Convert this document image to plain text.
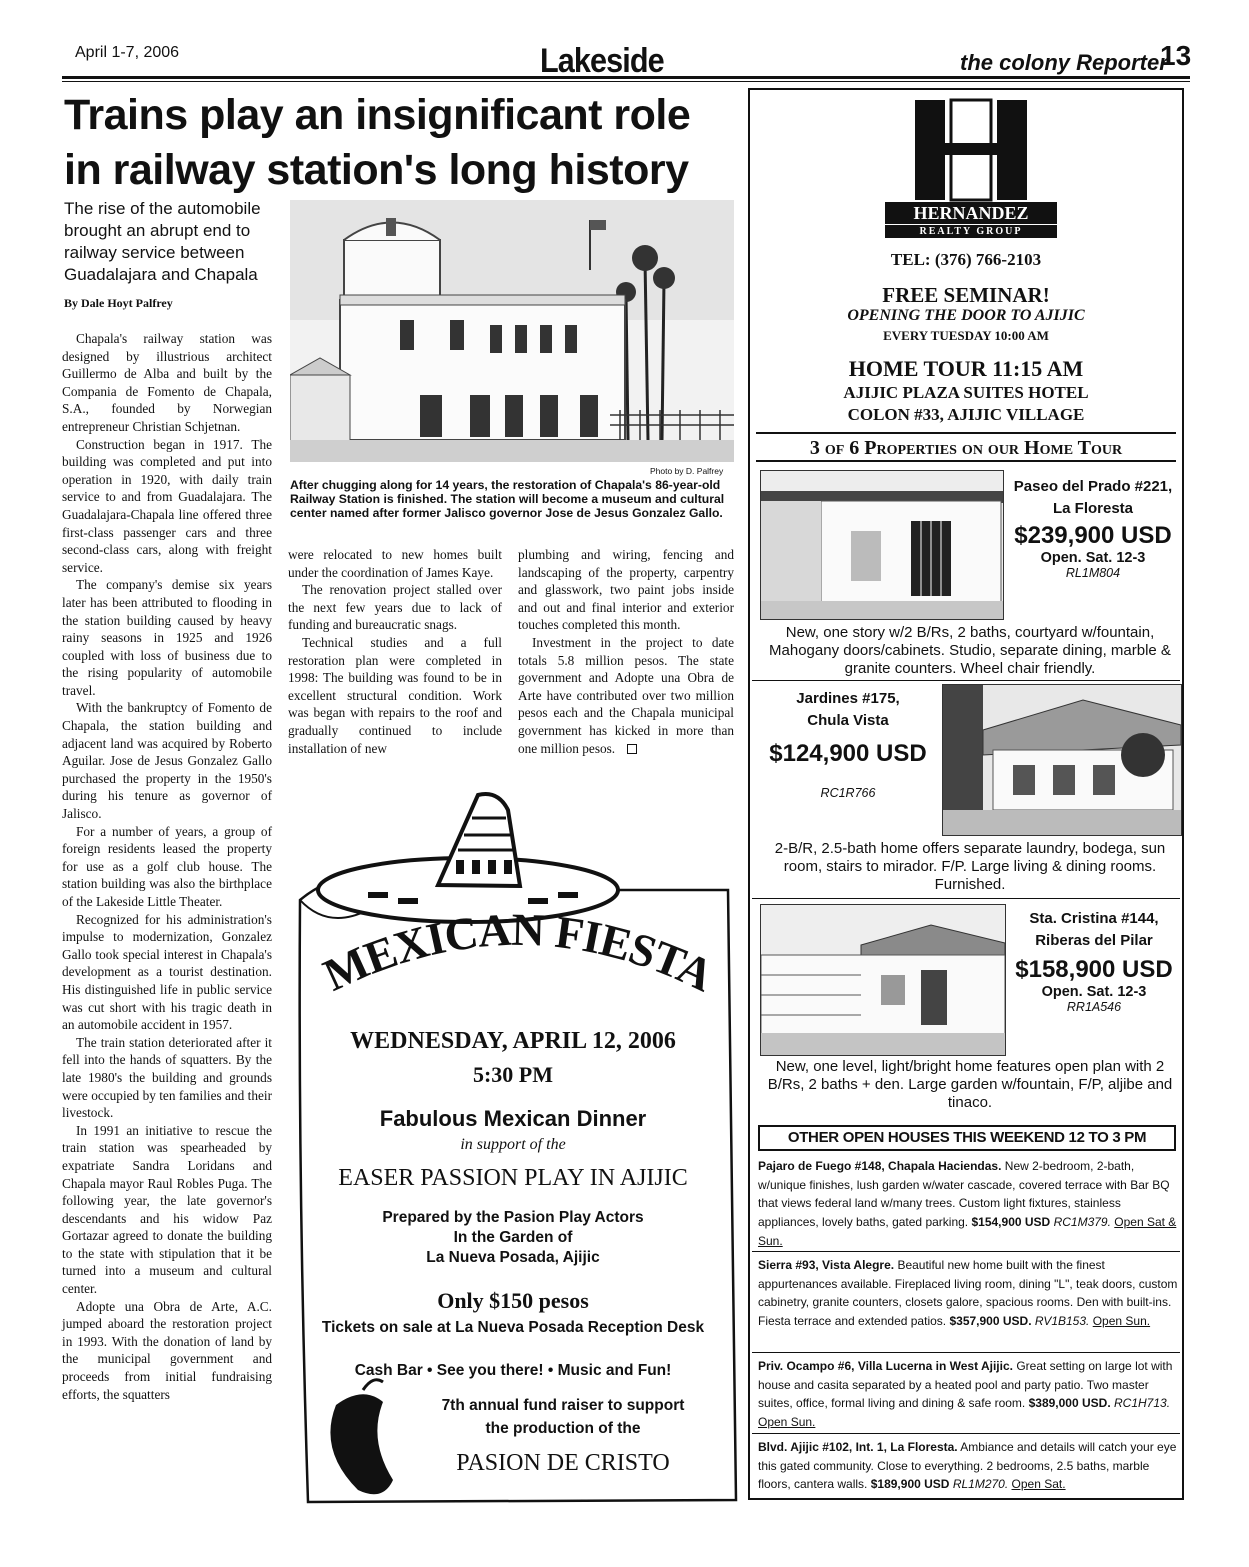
April 1-7, 2006	Lakeside	the colony Reporter
13
Trains play an insignificant role
in railway station's long history
The rise of the automobile brought an abrupt end to railway service between Guadalajara and Chapala
By Dale Hoyt Palfrey
Photo by D. Palfrey
After chugging along for 14 years, the restoration of Chapala's 86-year-old Railway Station is finished. The station will become a museum and cultural center named after former Jalisco governor Jose de Jesus Gonzalez Gallo.

Chapala's railway station was designed by illustrious architect Guillermo de Alba and built by the Compania de Fomento de Chapala, S.A., founded by Norwegian entrepreneur Christian Schjetnan.

Construction began in 1917. The building was completed and put into operation in 1920, with daily train service to and from Guadalajara. The Guadalajara-Chapala line offered three first-class passenger cars and three second-class cars, along with freight service.

The company's demise six years later has been attributed to flooding in the station building caused by heavy rainy seasons in 1925 and 1926 coupled with loss of business due to the rising popularity of automobile travel.

With the bankruptcy of Fomento de Chapala, the station building and adjacent land was acquired by Roberto Aguilar. Jose de Jesus Gonzalez Gallo purchased the property in the 1950's during his tenure as governor of Jalisco.

For a number of years, a group of foreign residents leased the property for use as a golf club house. The station building was also the birthplace of the Lakeside Little Theater.

Recognized for his administration's impulse to modernization, Gonzalez Gallo took special interest in Chapala's development as a tourist destination. His distinguished life in public service was cut short with his tragic death in an automobile accident in 1957.

The train station deteriorated after it fell into the hands of squatters. By the late 1980's the building and grounds were occupied by ten families and their livestock.

In 1991 an initiative to rescue the train station was spearheaded by expatriate Sandra Loridans and Chapala mayor Raul Robles Puga. The following year, the late governor's descendants and his widow Paz Gortazar agreed to donate the building to the state with stipulation that it be turned into a museum and cultural center.

Adopte una Obra de Arte, A.C. jumped aboard the restoration project in 1993. With the donation of land by the municipal government and proceeds from initial fundraising efforts, the squatters

were relocated to new homes built under the coordination of James Kaye.

The renovation project stalled over the next few years due to lack of funding and bureaucratic snags.

Technical studies and a full restoration plan were completed in 1998: The building was found to be in excellent structural condition. Work was began with repairs to the roof and gradually continued to include installation of new

plumbing and wiring, fencing and landscaping of the property, carpentry and glasswork, two paint jobs inside and out and final interior and exterior touches completed this month.

Investment in the project to date totals 5.8 million pesos. The state government and Adopte una Obra de Arte have contributed over two million pesos each and the Chapala municipal government has kicked in more than one million pesos.

MEXICAN FIESTA
WEDNESDAY, APRIL 12, 2006
5:30 PM
Fabulous Mexican Dinner
in support of the
EASER PASSION PLAY IN AJIJIC
Prepared by the Pasion Play Actors
In the Garden of
La Nueva Posada, Ajijic
Only $150 pesos
Tickets on sale at La Nueva Posada Reception Desk
Cash Bar • See you there! • Music and Fun!
7th annual fund raiser to support
the production of the
PASION DE CRISTO
HERNANDEZ
REALTY GROUP
TEL: (376) 766-2103
FREE SEMINAR!
OPENING THE DOOR TO AJIJIC
EVERY TUESDAY 10:00 AM
HOME TOUR 11:15 AM
AJIJIC PLAZA SUITES HOTEL
COLON #33, AJIJIC VILLAGE
3 of 6 Properties on our Home Tour
Paseo del Prado #221,
La Floresta
$239,900 USD
Open. Sat. 12-3
RL1M804
New, one story w/2 B/Rs, 2 baths, courtyard w/fountain, Mahogany doors/cabinets. Studio, separate dining, marble & granite counters. Wheel chair friendly.
Jardines #175,
Chula Vista
$124,900 USD
RC1R766
2-B/R, 2.5-bath home offers separate laundry, bodega, sun room, stairs to mirador. F/P. Large living & dining rooms. Furnished.
Sta. Cristina #144,
Riberas del Pilar
$158,900 USD
Open. Sat. 12-3
RR1A546
New, one level, light/bright home features open plan with 2 B/Rs, 2 baths + den. Large garden w/fountain, F/P, aljibe and tinaco.
OTHER OPEN HOUSES THIS WEEKEND 12 TO 3 PM
Pajaro de Fuego #148, Chapala Haciendas. New 2-bedroom, 2-bath, w/unique finishes, lush garden w/water cascade, covered terrace with Bar BQ that views federal land w/many trees. Custom light fixtures, stainless appliances, lovely baths, gated parking. $154,900 USD RC1M379. Open Sat & Sun.
Sierra #93, Vista Alegre. Beautiful new home built with the finest appurtenances available. Fireplaced living room, dining "L", teak doors, custom cabinetry, granite counters, closets galore, spacious rooms. Den with built-ins. Fiesta terrace and extended patios. $357,900 USD. RV1B153. Open Sun.
Priv. Ocampo #6, Villa Lucerna in West Ajijic. Great setting on large lot with house and casita separated by a heated pool and party patio. Two master suites, office, formal living and dining & safe room. $389,000 USD. RC1H713. Open Sun.
Blvd. Ajijic #102, Int. 1, La Floresta. Ambiance and details will catch your eye this gated community. Close to everything. 2 bedrooms, 2.5 baths, marble floors, cantera walls. $189,900 USD RL1M270. Open Sat.
